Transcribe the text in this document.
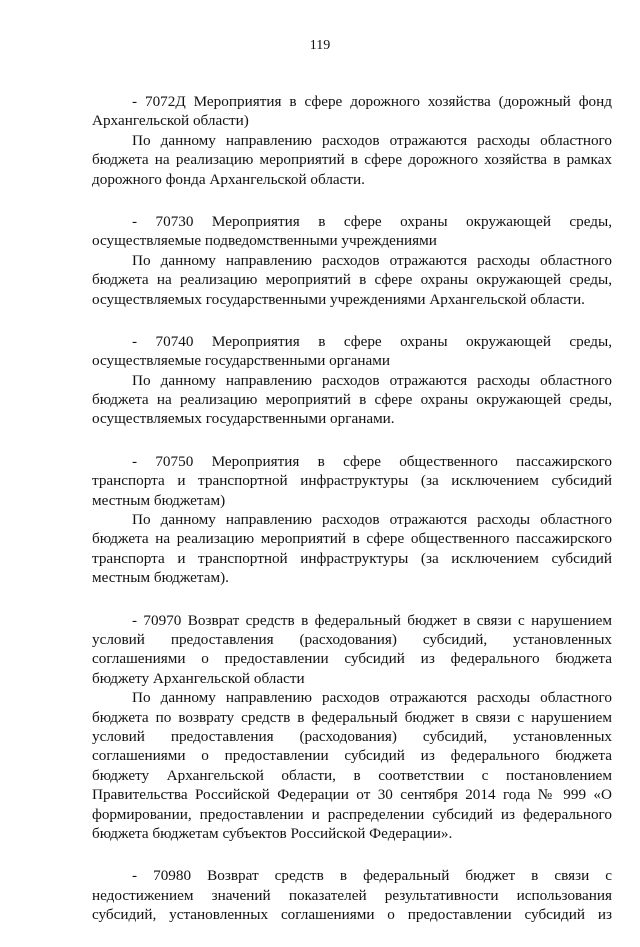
119
- 7072Д Мероприятия в сфере дорожного хозяйства (дорожный фонд
Архангельской области)
По данному направлению расходов отражаются расходы областного
бюджета на реализацию мероприятий в сфере дорожного хозяйства в рамках
дорожного фонда Архангельской области.
- 70730 Мероприятия в сфере охраны окружающей среды,
осуществляемые подведомственными учреждениями
По данному направлению расходов отражаются расходы областного
бюджета на реализацию мероприятий в сфере охраны окружающей среды,
осуществляемых государственными учреждениями Архангельской области.
- 70740 Мероприятия в сфере охраны окружающей среды,
осуществляемые государственными органами
По данному направлению расходов отражаются расходы областного
бюджета на реализацию мероприятий в сфере охраны окружающей среды,
осуществляемых государственными органами.
- 70750 Мероприятия в сфере общественного пассажирского
транспорта и транспортной инфраструктуры (за исключением субсидий
местным бюджетам)
По данному направлению расходов отражаются расходы областного
бюджета на реализацию мероприятий в сфере общественного пассажирского
транспорта и транспортной инфраструктуры (за исключением субсидий
местным бюджетам).
- 70970 Возврат средств в федеральный бюджет в связи с нарушением
условий предоставления (расходования) субсидий, установленных
соглашениями о предоставлении субсидий из федерального бюджета
бюджету Архангельской области
По данному направлению расходов отражаются расходы областного
бюджета по возврату средств в федеральный бюджет в связи с нарушением
условий предоставления (расходования) субсидий, установленных
соглашениями о предоставлении субсидий из федерального бюджета
бюджету Архангельской области, в соответствии с постановлением
Правительства Российской Федерации от 30 сентября 2014 года № 999 «О
формировании, предоставлении и распределении субсидий из федерального
бюджета бюджетам субъектов Российской Федерации».
- 70980 Возврат средств в федеральный бюджет в связи с
недостижением значений показателей результативности использования
субсидий, установленных соглашениями о предоставлении субсидий из
